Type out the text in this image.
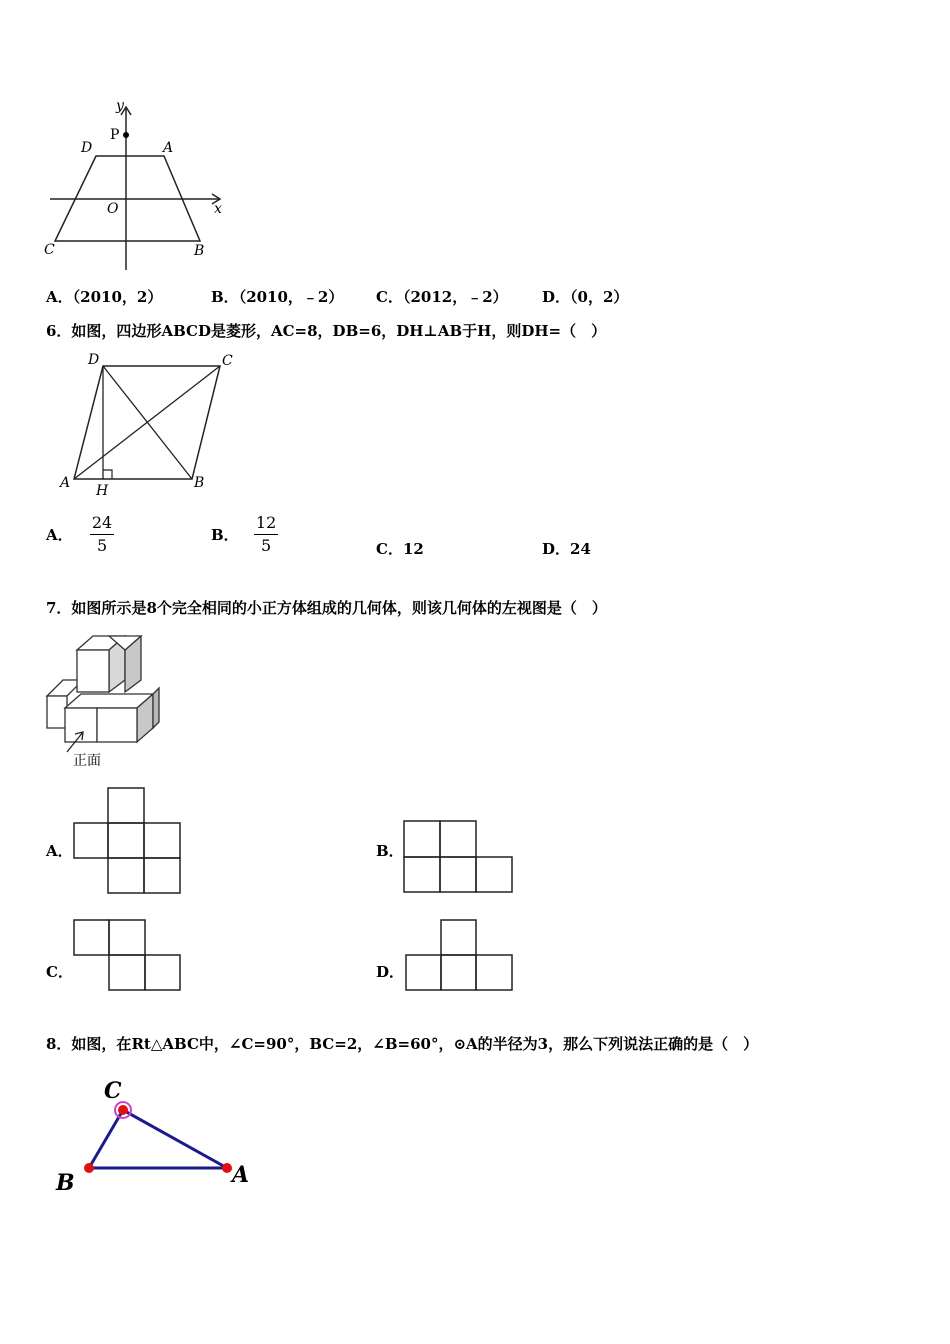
P
y
x
O
D	A
C	B
A．（2010，2）	B．（2010，﹣2） C．（2012，﹣2） D．（0，2）
6．如图，四边形ABCD是菱形，AC=8，DB=6，DH⊥AB于H，则DH=（　）
D	C
A H	B
A． $\frac{24}{5}$	B． $\frac{12}{5}$	C．12	D．24
7．如图所示是8个完全相同的小正方体组成的几何体，则该几何体的左视图是（　）
正面
A．	B．
C．	D．
8．如图，在Rt△ABC中，∠C=90°，BC=2，∠B=60°，⊙A的半径为3，那么下列说法正确的是（　）
C
B	A
